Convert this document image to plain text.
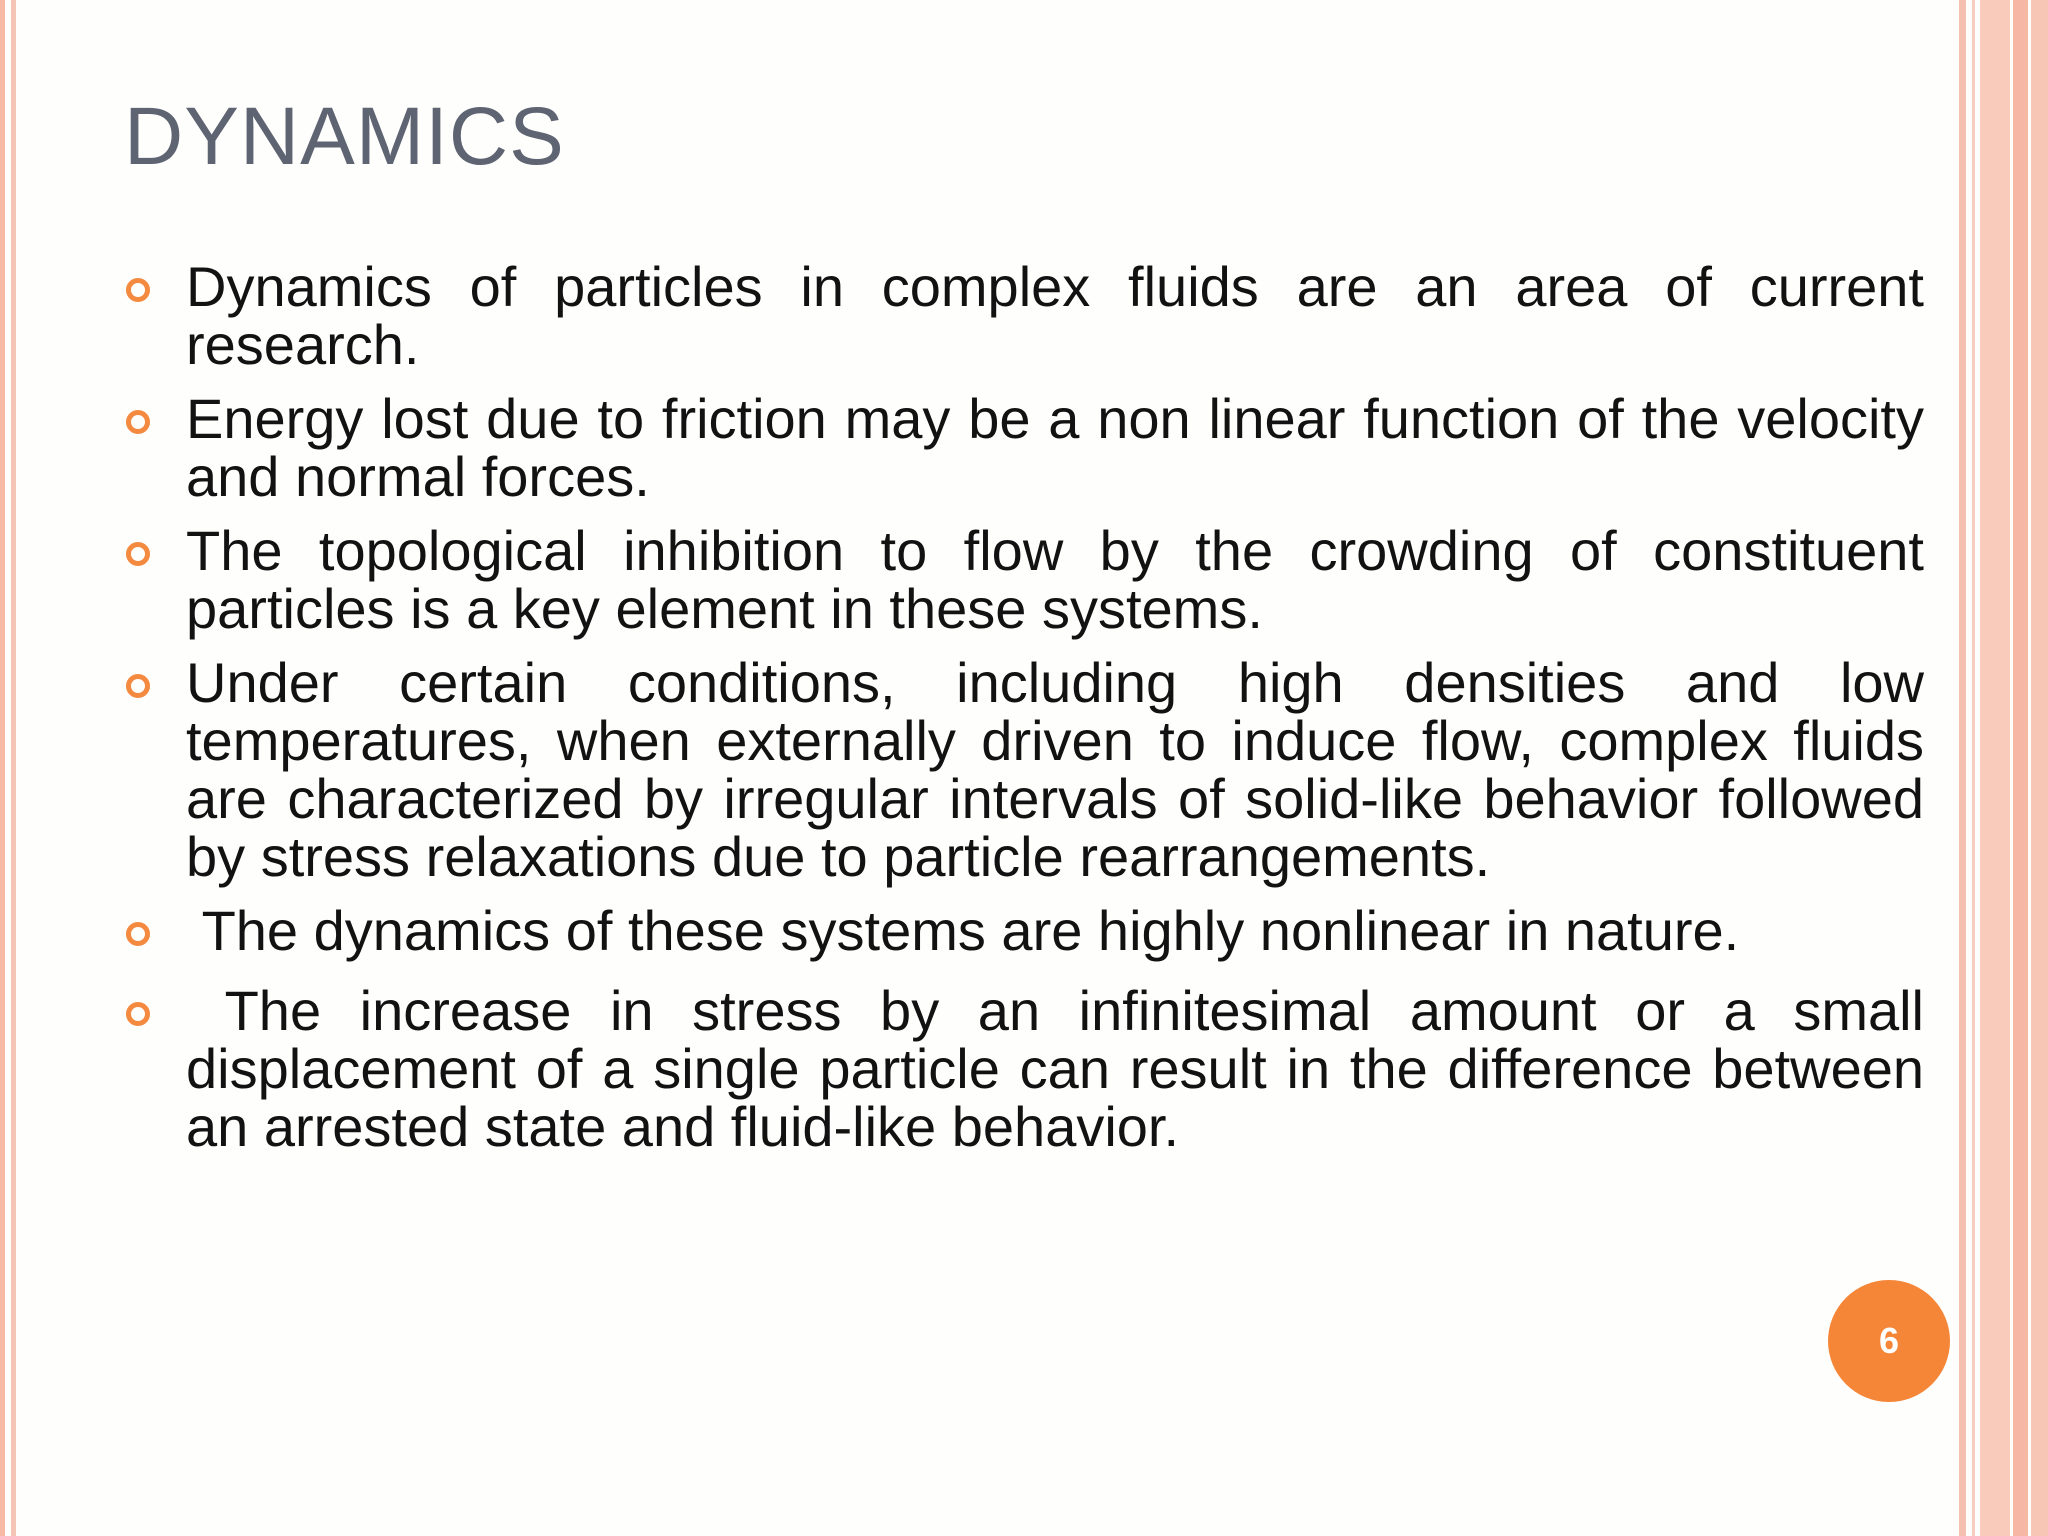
DYNAMICS
Dynamics of particles in complex fluids are an area of current research.
Energy lost due to friction may be a non linear function of the velocity and normal forces.
The topological inhibition to flow by the crowding of constituent particles is a key element in these systems.
Under certain conditions, including high densities and low temperatures, when externally driven to induce flow, complex fluids are characterized by irregular intervals of solid-like behavior followed by stress relaxations due to particle rearrangements.
The dynamics of these systems are highly nonlinear in nature.
The increase in stress by an infinitesimal amount or a small displacement of a single particle can result in the difference between an arrested state and fluid-like behavior.
6
